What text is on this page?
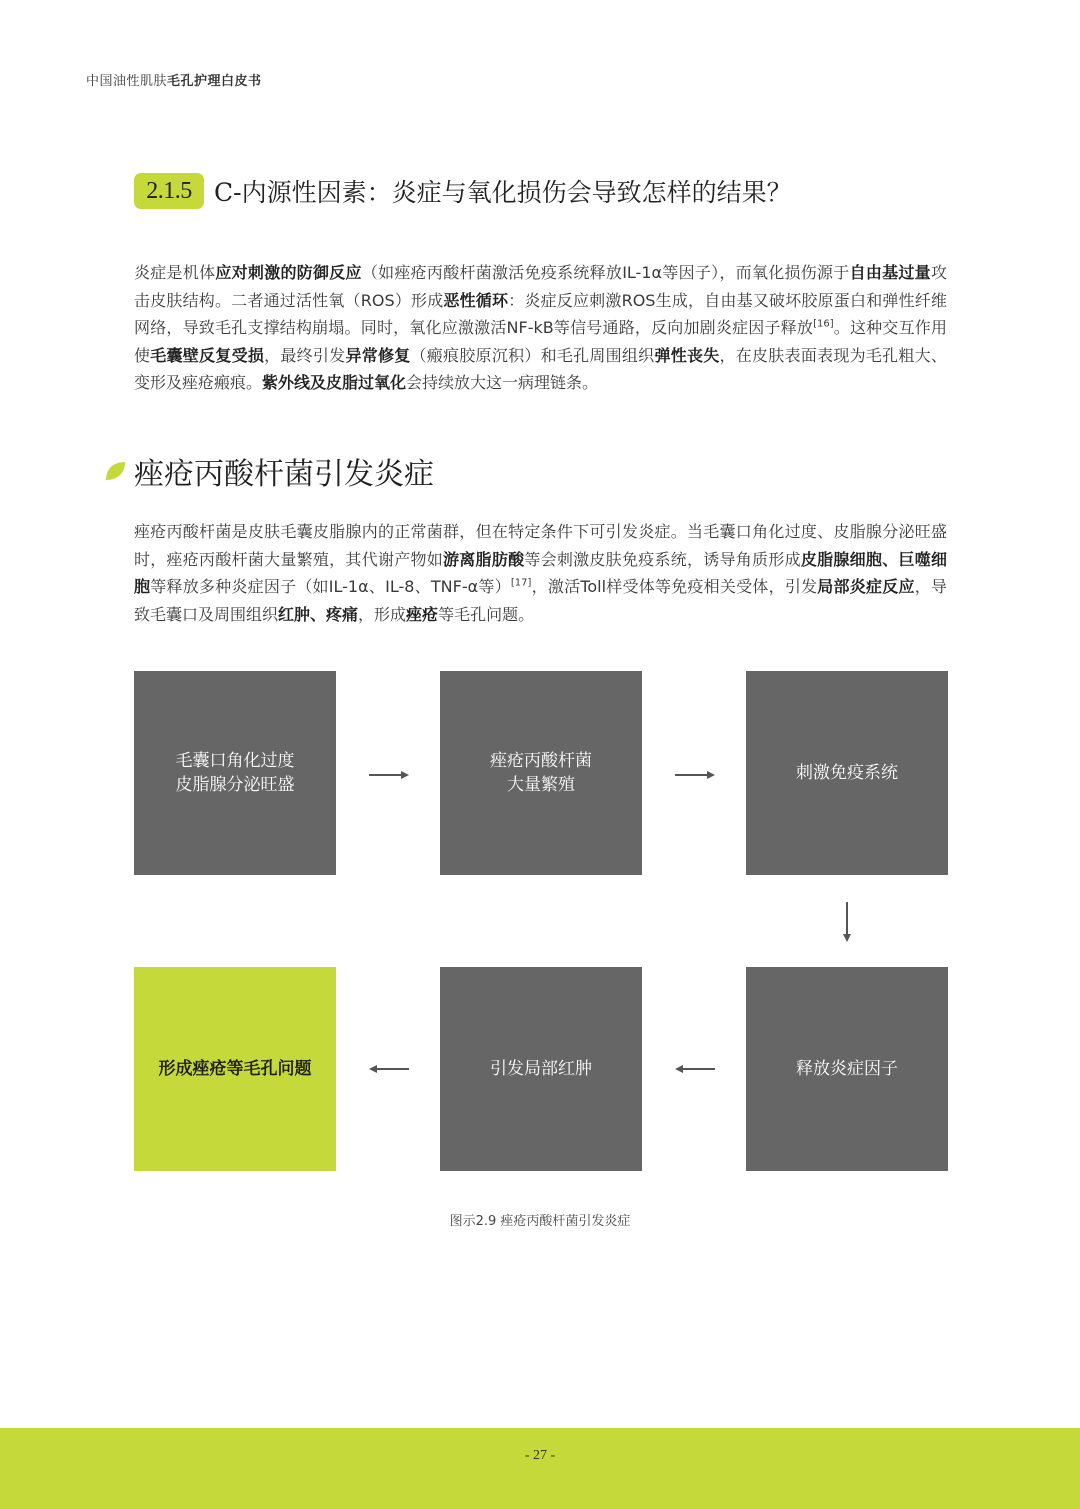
中国油性肌肤毛孔护理白皮书
2.1.5 C-内源性因素：炎症与氧化损伤会导致怎样的结果？

炎症是机体应对刺激的防御反应（如痤疮丙酸杆菌激活免疫系统释放IL-1α等因子），而氧化损伤源于自由基过量攻击皮肤结构。二者通过活性氧（ROS）形成恶性循环：炎症反应刺激ROS生成，自由基又破坏胶原蛋白和弹性纤维网络，导致毛孔支撑结构崩塌。同时，氧化应激激活NF-kB等信号通路，反向加剧炎症因子释放[16]。这种交互作用使毛囊壁反复受损，最终引发异常修复（瘢痕胶原沉积）和毛孔周围组织弹性丧失，在皮肤表面表现为毛孔粗大、变形及痤疮瘢痕。紫外线及皮脂过氧化会持续放大这一病理链条。

痤疮丙酸杆菌引发炎症

痤疮丙酸杆菌是皮肤毛囊皮脂腺内的正常菌群，但在特定条件下可引发炎症。当毛囊口角化过度、皮脂腺分泌旺盛时，痤疮丙酸杆菌大量繁殖，其代谢产物如游离脂肪酸等会刺激皮肤免疫系统，诱导角质形成皮脂腺细胞、巨噬细胞等释放多种炎症因子（如IL-1α、IL-8、TNF-α等）[17]，激活Toll样受体等免疫相关受体，引发局部炎症反应，导致毛囊口及周围组织红肿、疼痛，形成痤疮等毛孔问题。

毛囊口角化过度
皮脂腺分泌旺盛
痤疮丙酸杆菌
大量繁殖
刺激免疫系统
释放炎症因子
引发局部红肿
形成痤疮等毛孔问题
图示2.9 痤疮丙酸杆菌引发炎症
- 27 -
